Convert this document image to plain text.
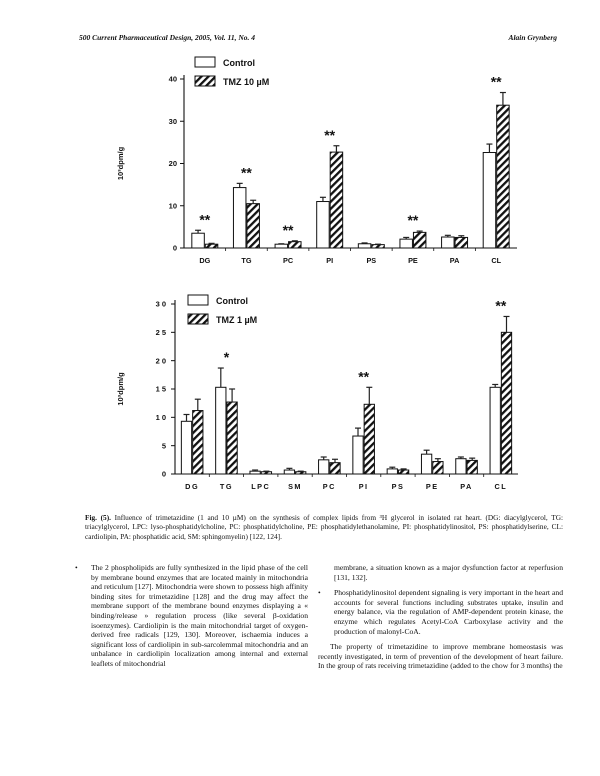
500 Current Pharmaceutical Design, 2005, Vol. 11, No. 4	Alain Grynberg
0
10
20
30
40
10³dpm/g
DG	TG	PC	PI	PS	PE	PA	CL
**
**
**
**
**
**
Control
TMZ 10 µM
0
5
10
15
20
25
30
10³dpm/g
DG	TG LPC SM	PC	PI	PS	PE	PA	CL
*
**
**
Control
TMZ 1 µM
Fig. (5). Influence of trimetazidine (1 and 10 µM) on the synthesis of complex lipids from ³H glycerol in isolated rat heart. (DG: diacylglycerol, TG: triacylglycerol, LPC: lyso-phosphatidylcholine, PC: phosphatidylcholine, PE: phosphatidylethanolamine, PI: phosphatidylinositol, PS: phosphatidylserine, CL: cardiolipin, PA: phosphatidic acid, SM: sphingomyelin) [122, 124].
• The 2 phospholipids are fully synthesized in the lipid phase of the cell by membrane bound enzymes that are located mainly in mitochondria and reticulum [127]. Mitochondria were shown to possess high affinity binding sites for trimetazidine [128] and the drug may affect the membrane support of the membrane bound enzymes displaying a « binding/release » regulation process (like several β-oxidation isoenzymes). Cardiolipin is the main mitochondrial target of oxygen-derived free radicals [129, 130]. Moreover, ischaemia induces a significant loss of cardiolipin in sub-sarcolemmal mitochondria and an unbalance in cardiolipin localization among internal and external leaflets of mitochondrial

membrane, a situation known as a major dysfunction factor at reperfusion [131, 132].

• Phosphatidylinositol dependent signaling is very important in the heart and accounts for several functions including substrates uptake, insulin and energy balance, via the regulation of AMP-dependent protein kinase, the enzyme which regulates Acetyl-CoA Carboxylase activity and the production of malonyl-CoA.

The property of trimetazidine to improve membrane homeostasis was recently investigated, in term of prevention of the development of heart failure. In the group of rats receiving trimetazidine (added to the chow for 3 months) the
